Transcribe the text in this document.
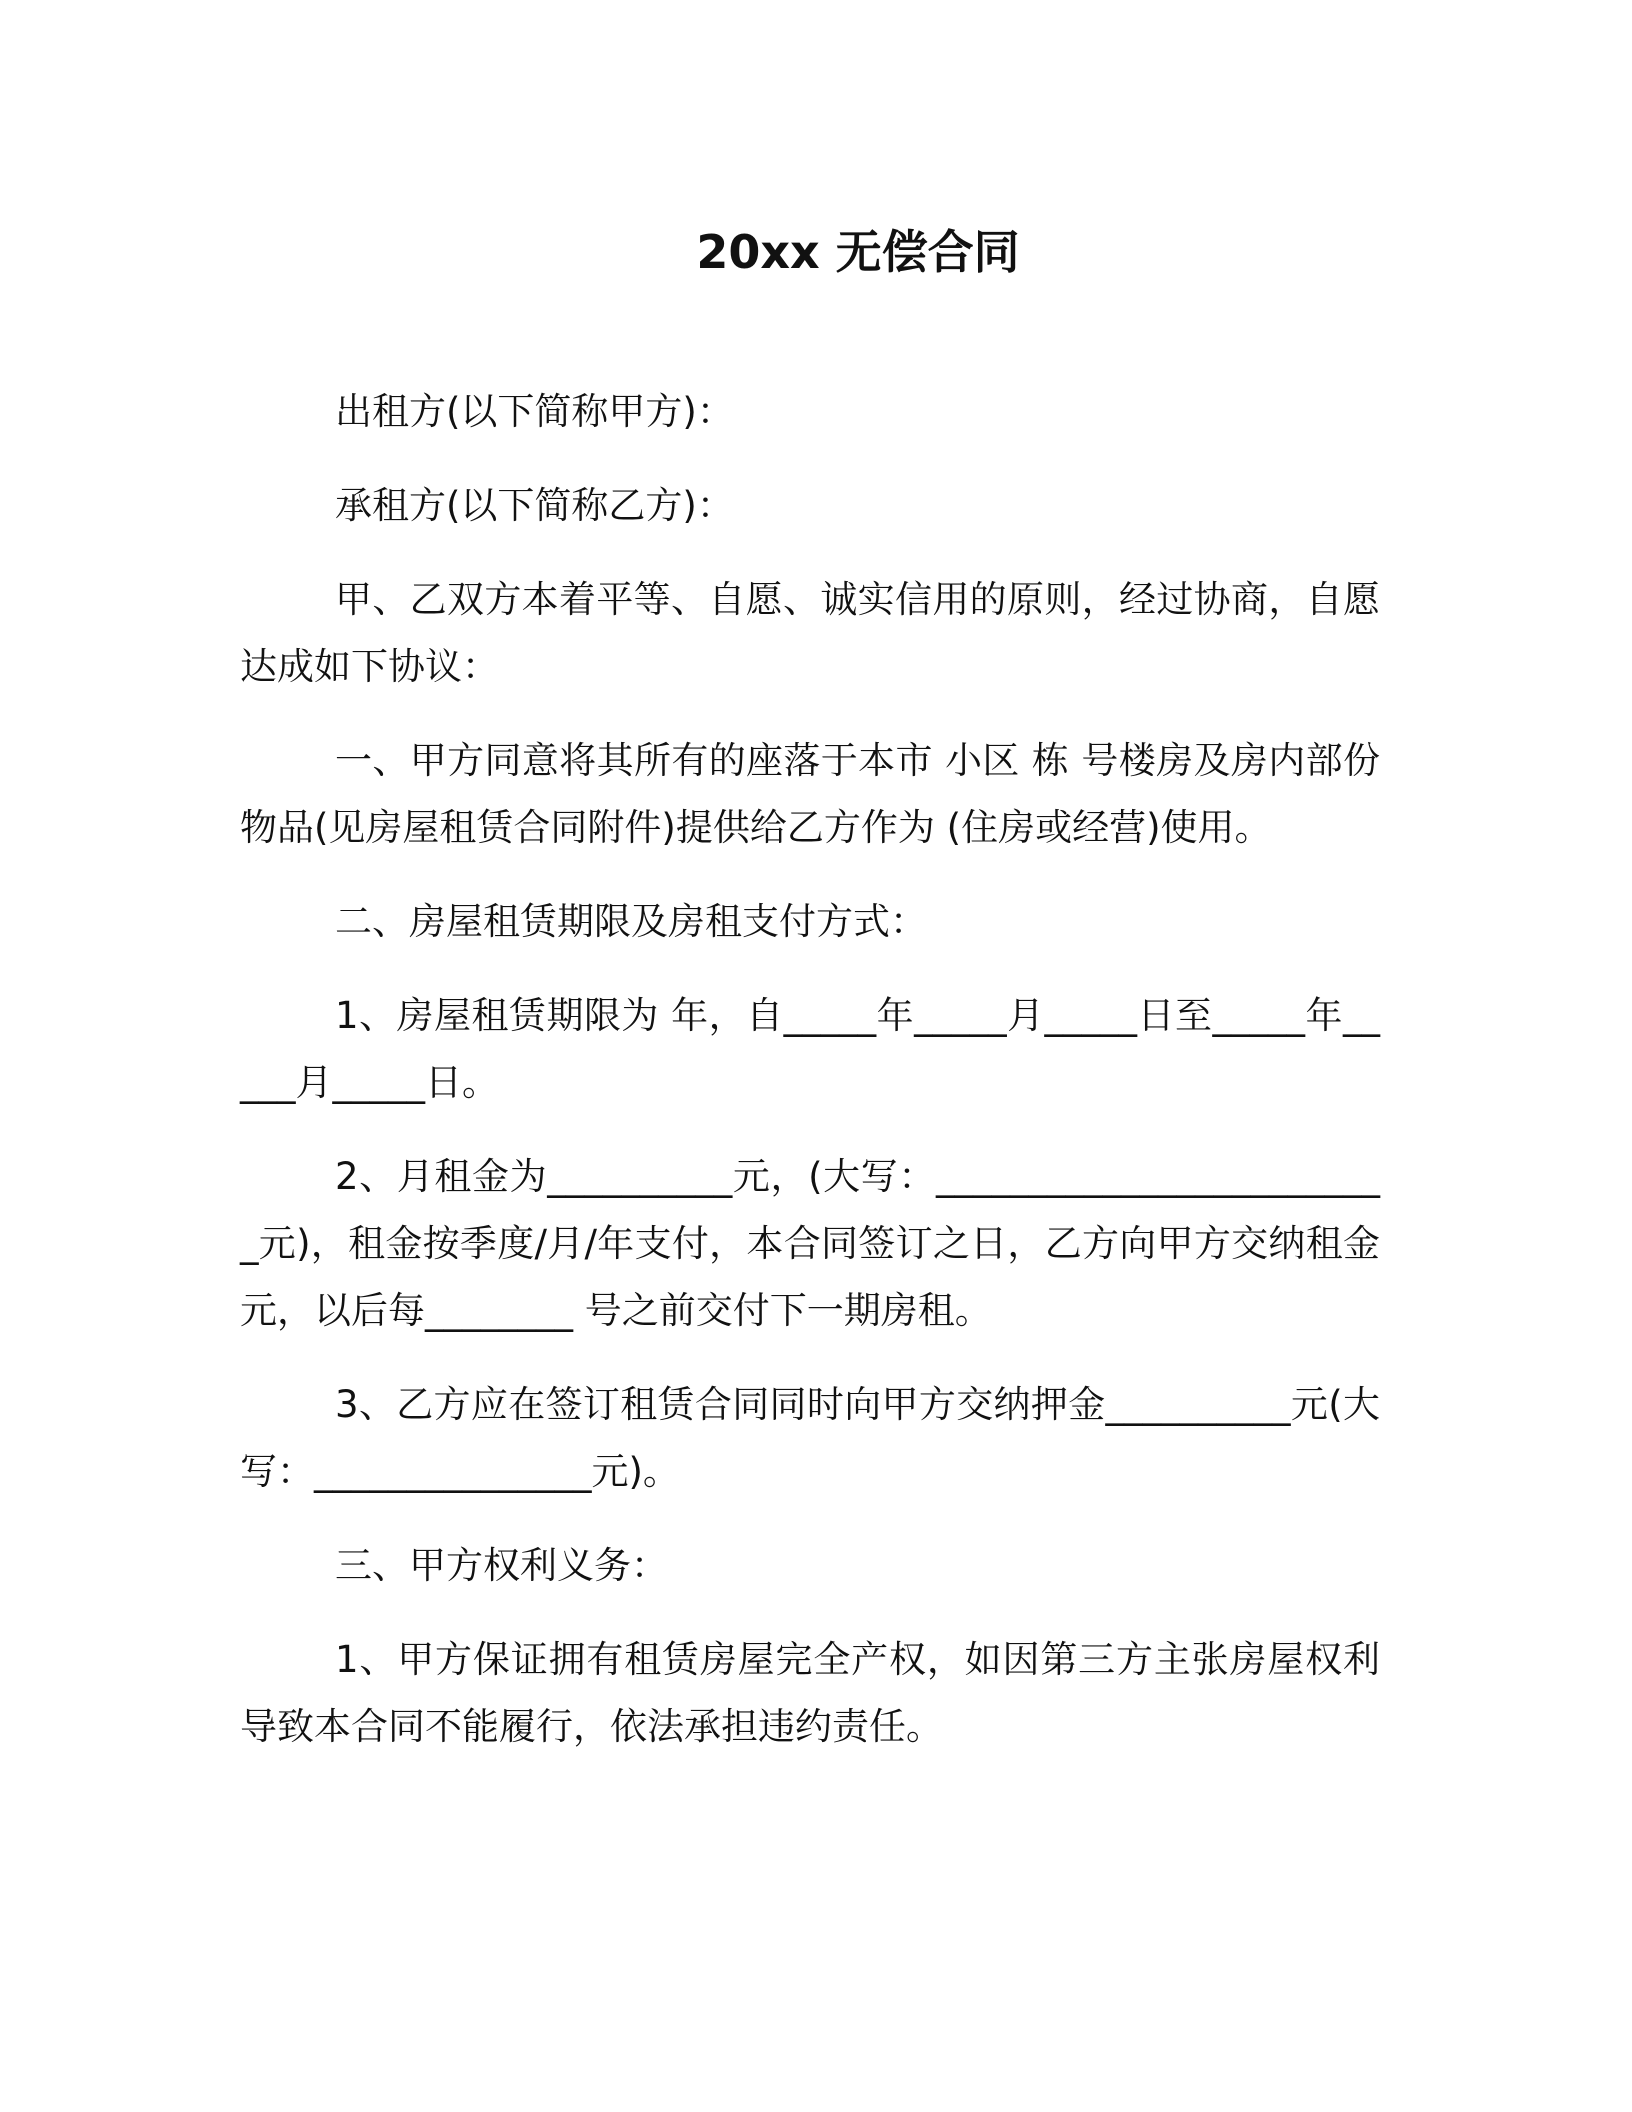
20xx 无偿合同

出租方(以下简称甲方)：

承租方(以下简称乙方)：

甲、乙双方本着平等、自愿、诚实信用的原则，经过协商，自愿达成如下协议：

一、甲方同意将其所有的座落于本市 小区 栋 号楼房及房内部份物品(见房屋租赁合同附件)提供给乙方作为 (住房或经营)使用。

二、房屋租赁期限及房租支付方式：

1、房屋租赁期限为 年，自_____年_____月_____日至_____年_____月_____日。

2、月租金为__________元，(大写：_________________________元)，租金按季度/月/年支付，本合同签订之日，乙方向甲方交纳租金 元，以后每________ 号之前交付下一期房租。

3、乙方应在签订租赁合同同时向甲方交纳押金__________元(大写：_______________元)。

三、甲方权利义务：

1、甲方保证拥有租赁房屋完全产权，如因第三方主张房屋权利导致本合同不能履行，依法承担违约责任。
